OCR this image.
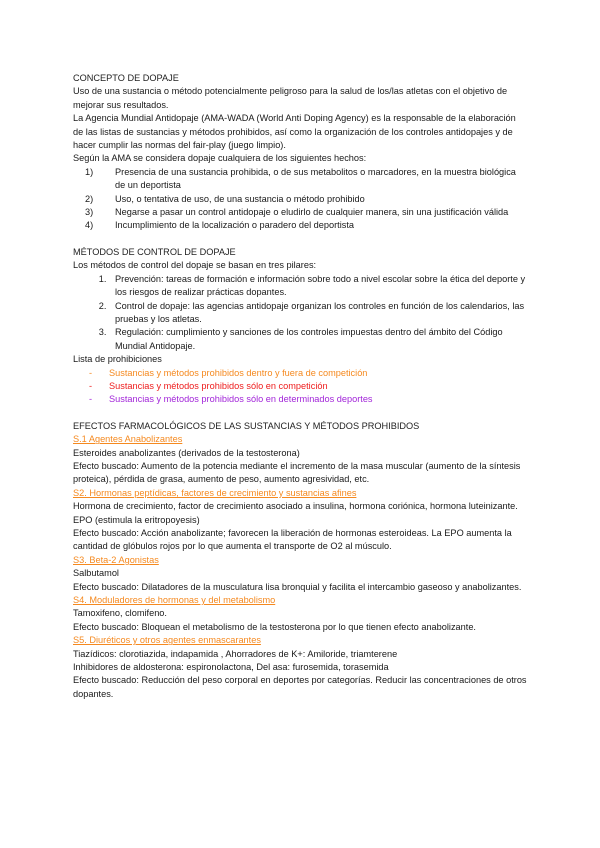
CONCEPTO DE DOPAJE

Uso de una sustancia o método potencialmente peligroso para la salud de los/las atletas con el objetivo de mejorar sus resultados.

La Agencia Mundial Antidopaje (AMA-WADA (World Anti Doping Agency) es la responsable de la elaboración de las listas de sustancias y métodos prohibidos, así como la organización de los controles antidopajes y de hacer cumplir las normas del fair-play (juego limpio).

Según la AMA se considera dopaje cualquiera de los siguientes hechos:

Presencia de una sustancia prohibida, o de sus metabolitos o marcadores, en la muestra biológica de un deportista
Uso, o tentativa de uso, de una sustancia o método prohibido
Negarse a pasar un control antidopaje o eludirlo de cualquier manera, sin una justificación válida
Incumplimiento de la localización o paradero del deportista

MÉTODOS DE CONTROL DE DOPAJE

Los métodos de control del dopaje se basan en tres pilares:

1. Prevención: tareas de formación e información sobre todo a nivel escolar sobre la ética del deporte y los riesgos de realizar prácticas dopantes.
2. Control de dopaje: las agencias antidopaje organizan los controles en función de los calendarios, las pruebas y los atletas.
3. Regulación: cumplimiento y sanciones de los controles impuestas dentro del ámbito del Código Mundial Antidopaje.

Lista de prohibiciones

- Sustancias y métodos prohibidos dentro y fuera de competición
- Sustancias y métodos prohibidos sólo en competición
- Sustancias y métodos prohibidos sólo en determinados deportes

EFECTOS FARMACOLÓGICOS DE LAS SUSTANCIAS Y MÉTODOS PROHIBIDOS

S.1 Agentes Anabolizantes

Esteroides anabolizantes (derivados de la testosterona)

Efecto buscado: Aumento de la potencia mediante el incremento de la masa muscular (aumento de la síntesis proteica), pérdida de grasa, aumento de peso, aumento agresividad, etc.

S2. Hormonas peptídicas, factores de crecimiento y sustancias afines

Hormona de crecimiento, factor de crecimiento asociado a insulina, hormona coriónica, hormona luteinizante.

EPO (estimula la eritropoyesis)

Efecto buscado: Acción anabolizante; favorecen la liberación de hormonas esteroideas. La EPO aumenta la cantidad de glóbulos rojos por lo que aumenta el transporte de O2 al músculo.

S3. Beta-2 Agonistas

Salbutamol

Efecto buscado: Dilatadores de la musculatura lisa bronquial y facilita el intercambio gaseoso y anabolizantes.

S4. Moduladores de hormonas y del metabolismo

Tamoxifeno, clomifeno.

Efecto buscado: Bloquean el metabolismo de la testosterona por lo que tienen efecto anabolizante.

S5. Diuréticos y otros agentes enmascarantes

Tiazídicos: clorotiazida, indapamida , Ahorradores de K+: Amiloride, triamterene

Inhibidores de aldosterona: espironolactona, Del asa: furosemida, torasemida

Efecto buscado: Reducción del peso corporal en deportes por categorías. Reducir las concentraciones de otros dopantes.
